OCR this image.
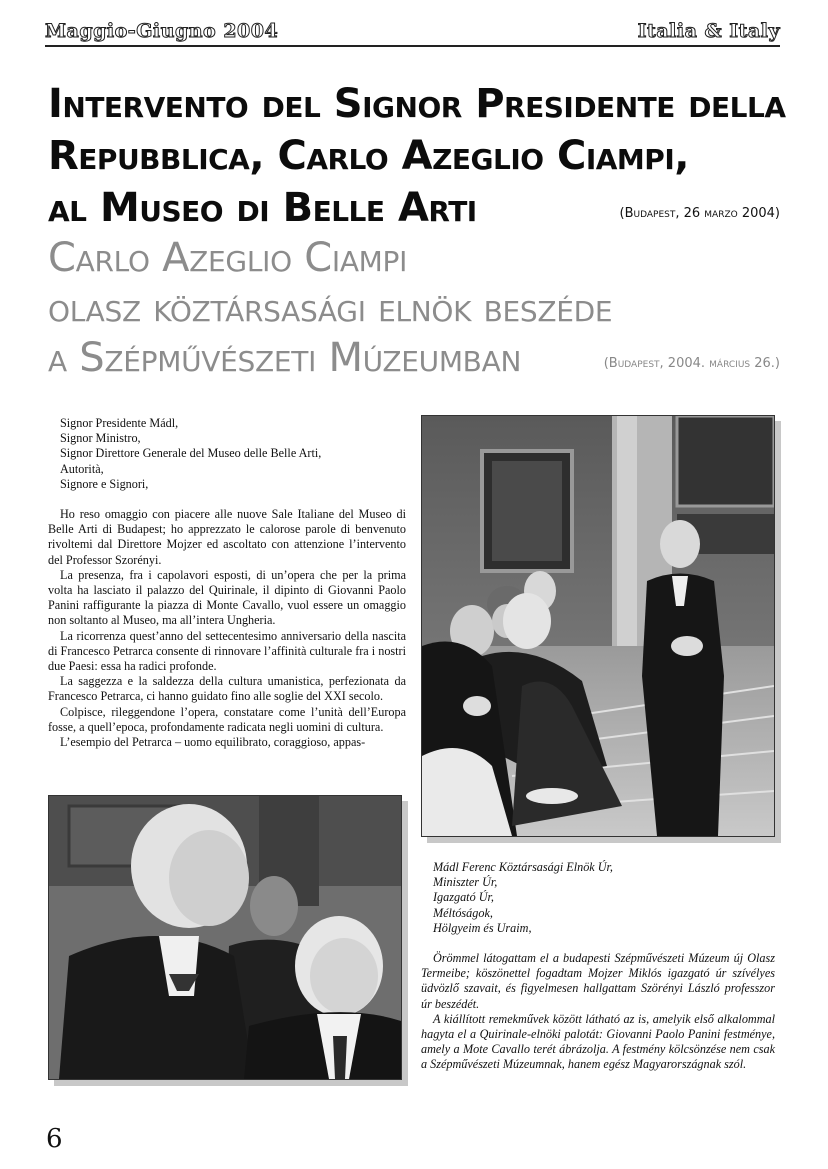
Maggio-Giugno 2004	Italia & Italy
Intervento del Signor Presidente della
Repubblica, Carlo Azeglio Ciampi,
al Museo di Belle Arti	(Budapest, 26 marzo 2004)
Carlo Azeglio Ciampi
olasz köztársasági elnök beszéde
a Szépművészeti Múzeumban	(Budapest, 2004. március 26.)

Signor Presidente Mádl,

Signor Ministro,

Signor Direttore Generale del Museo delle Belle Arti,

Autorità,

Signore e Signori,

Ho reso omaggio con piacere alle nuove Sale Italiane del Museo di Belle Arti di Budapest; ho apprezzato le calorose parole di benvenuto rivoltemi dal Direttore Mojzer ed ascoltato con attenzione l’intervento del Professor Szorényi.

La presenza, fra i capolavori esposti, di un’opera che per la prima volta ha lasciato il palazzo del Quirinale, il dipinto di Giovanni Paolo Panini raffigurante la piazza di Monte Cavallo, vuol essere un omaggio non soltanto al Museo, ma all’intera Ungheria.

La ricorrenza quest’anno del settecentesimo anniversario della nascita di Francesco Petrarca consente di rinnovare l’affinità culturale fra i nostri due Paesi: essa ha radici profonde.

La saggezza e la saldezza della cultura umanistica, perfezionata da Francesco Petrarca, ci hanno guidato fino alle soglie del XXI secolo.

Colpisce, rileggendone l’opera, constatare come l’unità dell’Europa fosse, a quell’epoca, profondamente radicata negli uomini di cultura.

L’esempio del Petrarca – uomo equilibrato, coraggioso, appas-

Mádl Ferenc Köztársasági Elnök Úr,

Miniszter Úr,

Igazgató Úr,

Méltóságok,

Hölgyeim és Uraim,

Örömmel látogattam el a budapesti Szépművészeti Múzeum új Olasz Termeibe; köszönettel fogadtam Mojzer Miklós igazgató úr szívélyes üdvözlő szavait, és figyelmesen hallgattam Szörényi László professzor úr beszédét.

A kiállított remekművek között látható az is, amelyik első alkalommal hagyta el a Quirinale-elnöki palotát: Giovanni Paolo Panini festménye, amely a Mote Cavallo terét ábrázolja. A festmény kölcsönzése nem csak a Szépművészeti Múzeumnak, hanem egész Magyarországnak szól.

6
